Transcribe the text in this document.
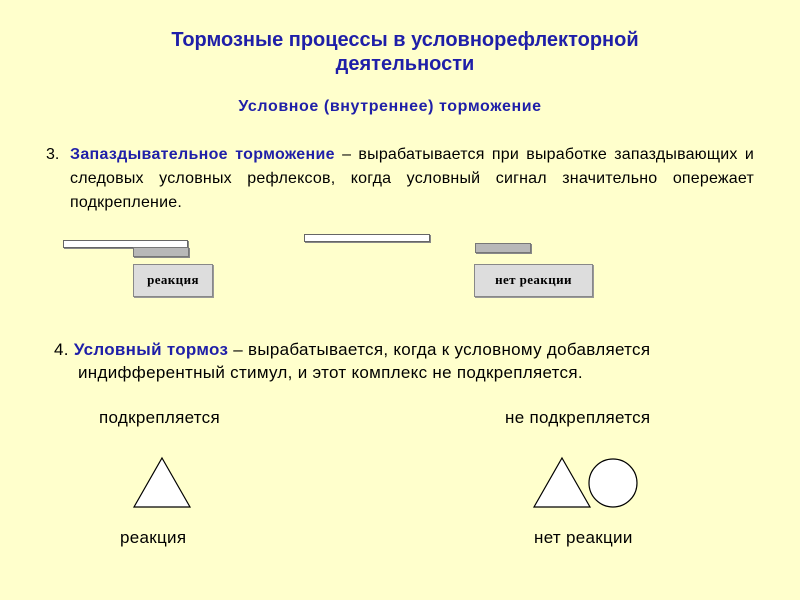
Тормозные процессы в условнорефлекторной
деятельности
Условное (внутреннее) торможение
3. Запаздывательное торможение – вырабатывается при выработке запаздывающих и следовых условных рефлексов, когда условный сигнал значительно опережает подкрепление.
реакция	нет реакции
4. Условный тормоз – вырабатывается, когда к условному добавляется
индифферентный стимул, и этот комплекс не подкрепляется.
подкрепляется	не подкрепляется
реакция	нет реакции
